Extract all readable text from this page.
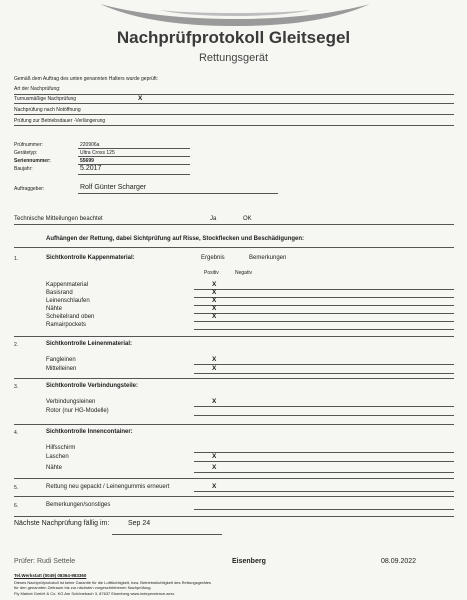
Nachprüfprotokoll Gleitsegel
Rettungsgerät
Gemäß dem Auftrag des unten genannten Halters wurde geprüft:
Art der Nachprüfung:
Turnusmäßige Nachprüfung	X
Nachprüfung nach Notöffnung
Prüfung zur Betriebsdauer -Verlängerung
Prüfnummer:	220906a
Gerätetyp:	Ultra Cross 125
Seriennummer:	55699
Baujahr:	5.2017
Auftraggeber:	Rolf Günter Scharger
Technische Mitteilungen beachtet	Ja	OK
Aufhängen der Rettung, dabei Sichtprüfung auf Risse, Stockflecken und Beschädigungen:
1.	Sichtkontrolle Kappenmaterial:	Ergebnis	Bemerkungen
Positiv	Negativ
Kappenmaterial	X
Basisrand	X
Leinenschlaufen	X
Nähte	X
Scheitelrand oben	X
Ramairpockets
2.	Sichtkontrolle Leinenmaterial:
Fangleinen	X
Mittelleinen	X
3.	Sichtkontrolle Verbindungsteile:
Verbindungsleinen	X
Rotor (nur HG-Modelle)
4.	Sichtkontrolle Innencontainer:
Hilfsschirm
Laschen	X
Nähte	X
5.	Rettung neu gepackt / Leinengummis erneuert	X
6.	Bemerkungen/sonstiges
Nächste Nachprüfung fällig im:	Sep 24
Prüfer: Rudi Settele	Eisenberg	08.09.2022
Tel.Werkstatt (0049) 08364-983360
Dieses Nachprüfprotokoll ist keine Garantie für die Lufttüchtigkeit, bzw. Betriebstüchtigkeit des Rettungsgerätes
für den genannten Zeitraum bis zur nächsten vorgeschriebenen Nachprüfung.
Fly Market GmbH & Co. KG Am Schönebach 3, 87637 Eisenberg www.independence.aero
